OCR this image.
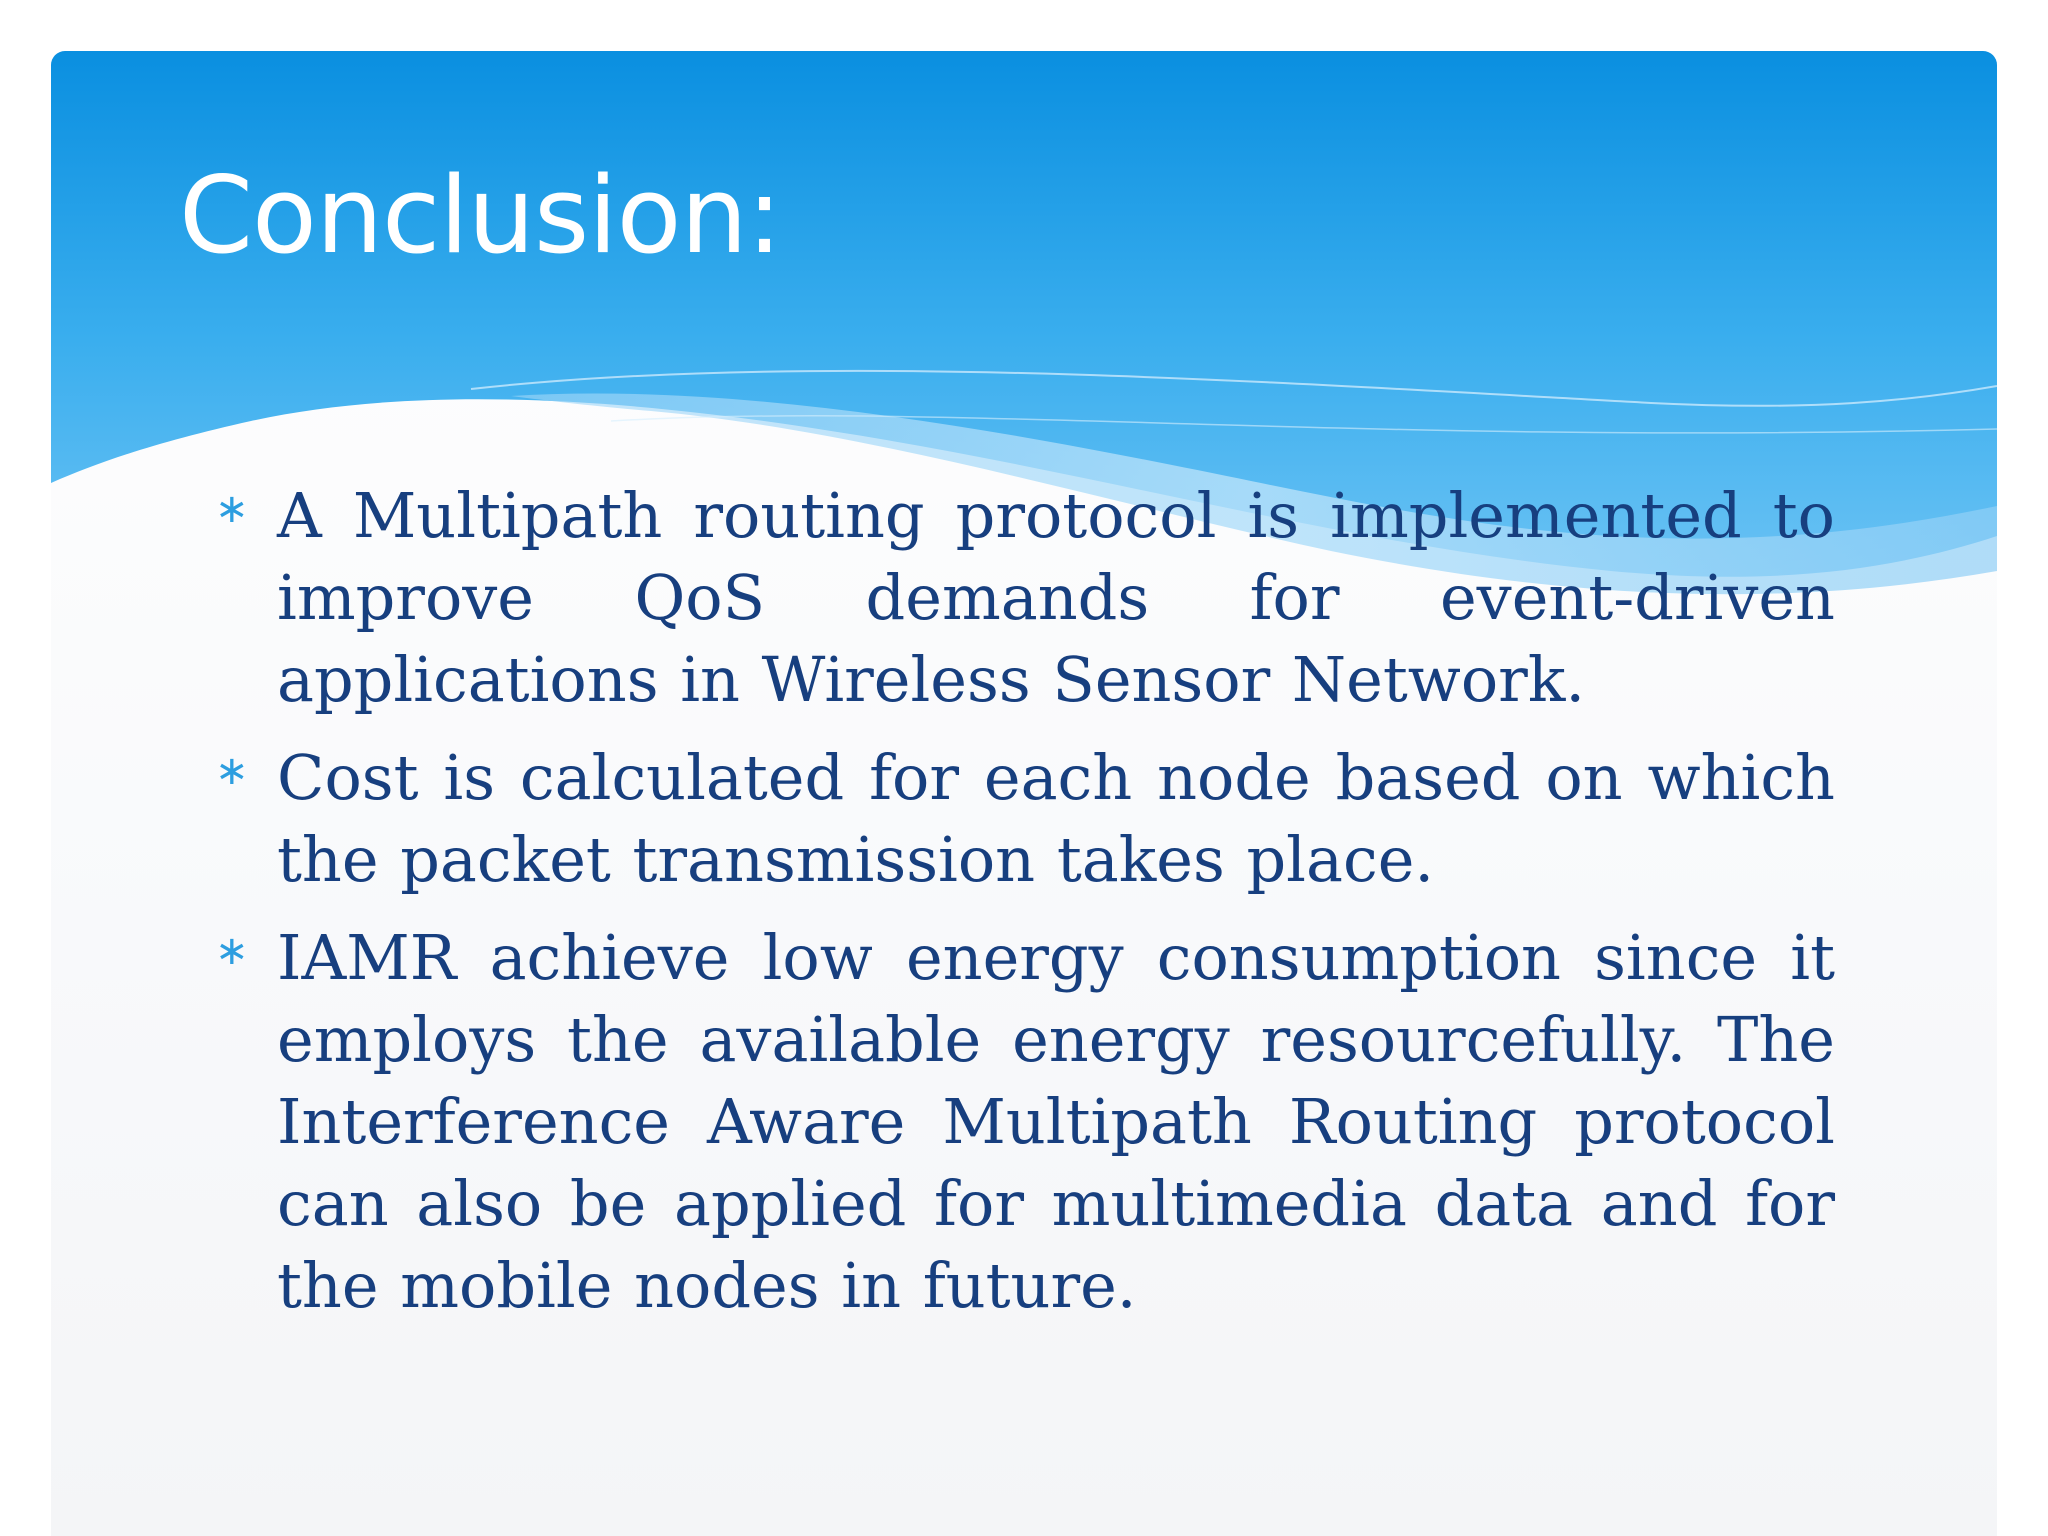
Conclusion:
∗ A Multipath routing protocol is implemented to improve QoS demands for event-driven applications in Wireless Sensor Network.
∗ Cost is calculated for each node based on which the packet transmission takes place.
∗ IAMR achieve low energy consumption since it employs the available energy resourcefully. The Interference Aware Multipath Routing protocol can also be applied for multimedia data and for the mobile nodes in future.
